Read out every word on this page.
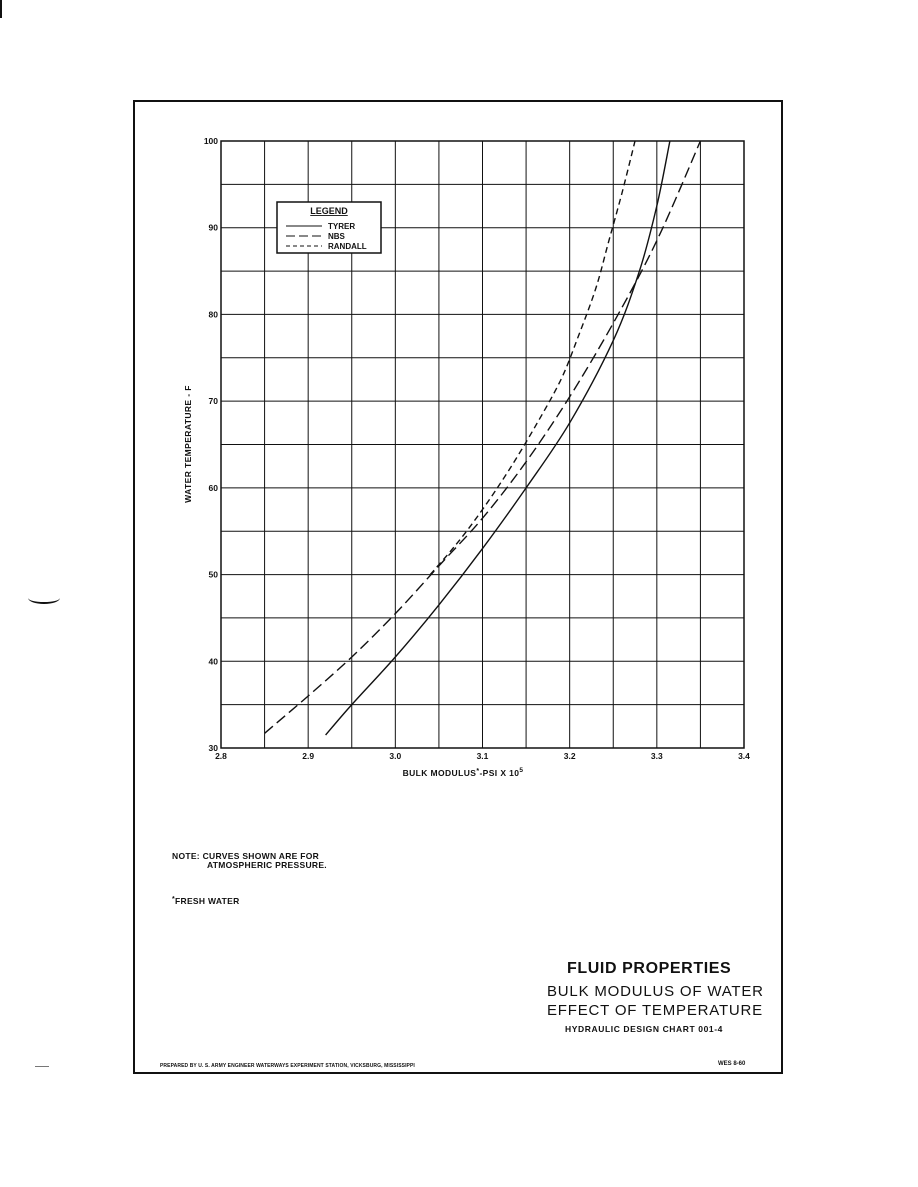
2.8	2.9	3.0	3.1	3.2	3.3	3.4
30
40
50
60
70
80
90
100
LEGEND
TYRER
NBS
RANDALL
BULK MODULUS*-PSI X $10^5$
WATER TEMPERATURE - F
NOTE: CURVES SHOWN ARE FOR
ATMOSPHERIC PRESSURE.
*FRESH WATER
FLUID PROPERTIES
BULK MODULUS OF WATER
EFFECT OF TEMPERATURE
HYDRAULIC DESIGN CHART 001-4
PREPARED BY U. S. ARMY ENGINEER WATERWAYS EXPERIMENT STATION, VICKSBURG, MISSISSIPPI	WES 8-60
